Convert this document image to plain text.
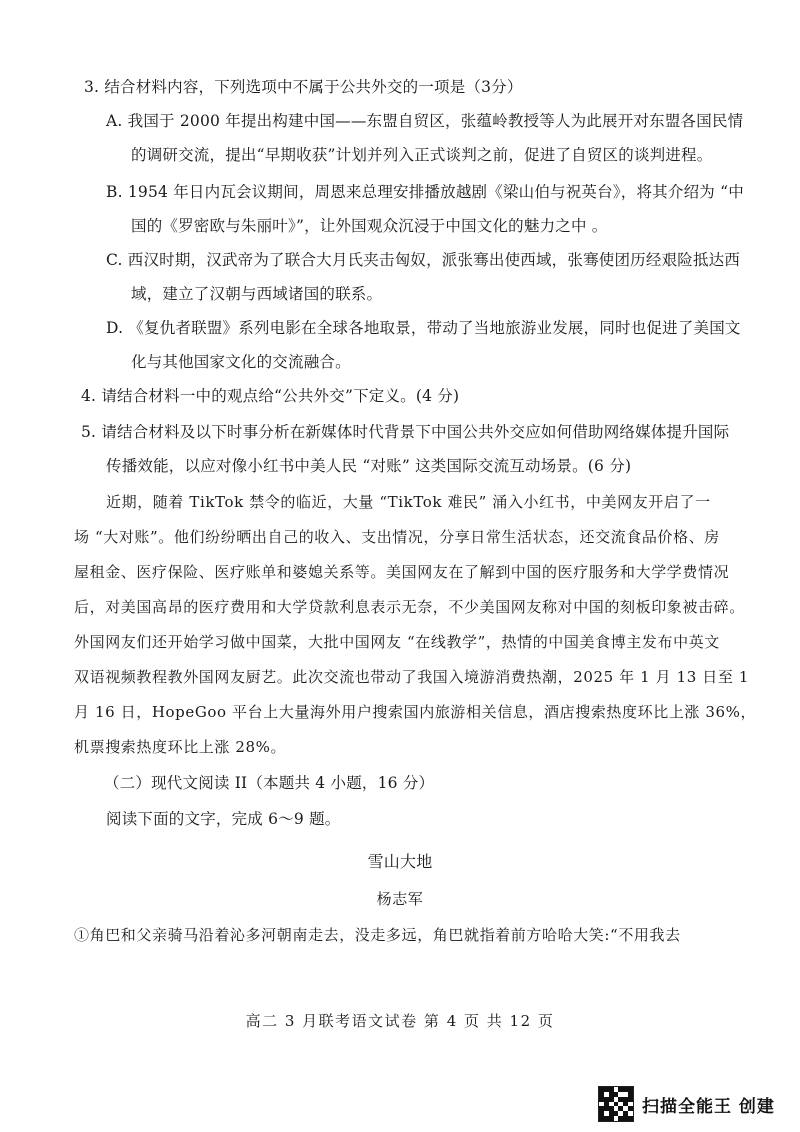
3. 结合材料内容，下列选项中不属于公共外交的一项是（3分）
A. 我国于 2000 年提出构建中国——东盟自贸区，张蕴岭教授等人为此展开对东盟各国民情
的调研交流，提出“早期收获”计划并列入正式谈判之前，促进了自贸区的谈判进程。
B. 1954 年日内瓦会议期间，周恩来总理安排播放越剧《梁山伯与祝英台》，将其介绍为 “中
国的《罗密欧与朱丽叶》”，让外国观众沉浸于中国文化的魅力之中 。
C. 西汉时期，汉武帝为了联合大月氏夹击匈奴，派张骞出使西域，张骞使团历经艰险抵达西
域，建立了汉朝与西域诸国的联系。
D. 《复仇者联盟》系列电影在全球各地取景，带动了当地旅游业发展，同时也促进了美国文
化与其他国家文化的交流融合。
4. 请结合材料一中的观点给“公共外交”下定义。(4 分)
5. 请结合材料及以下时事分析在新媒体时代背景下中国公共外交应如何借助网络媒体提升国际
传播效能，以应对像小红书中美人民 “对账” 这类国际交流互动场景。(6 分)
近期，随着 TikTok 禁令的临近，大量 “TikTok 难民” 涌入小红书，中美网友开启了一
场 “大对账”。他们纷纷晒出自己的收入、支出情况，分享日常生活状态，还交流食品价格、房
屋租金、医疗保险、医疗账单和婆媳关系等。美国网友在了解到中国的医疗服务和大学学费情况
后，对美国高昂的医疗费用和大学贷款利息表示无奈，不少美国网友称对中国的刻板印象被击碎。
外国网友们还开始学习做中国菜，大批中国网友 “在线教学”，热情的中国美食博主发布中英文
双语视频教程教外国网友厨艺。此次交流也带动了我国入境游消费热潮，2025 年 1 月 13 日至 1
月 16 日，HopeGoo 平台上大量海外用户搜索国内旅游相关信息，酒店搜索热度环比上涨 36%，
机票搜索热度环比上涨 28%。
（二）现代文阅读 II（本题共 4 小题，16 分）
阅读下面的文字，完成 6～9 题。
雪山大地
杨志军
①角巴和父亲骑马沿着沁多河朝南走去，没走多远，角巴就指着前方哈哈大笑:“不用我去
高二 3 月联考语文试卷 第 4 页 共 12 页
扫描全能王 创建
